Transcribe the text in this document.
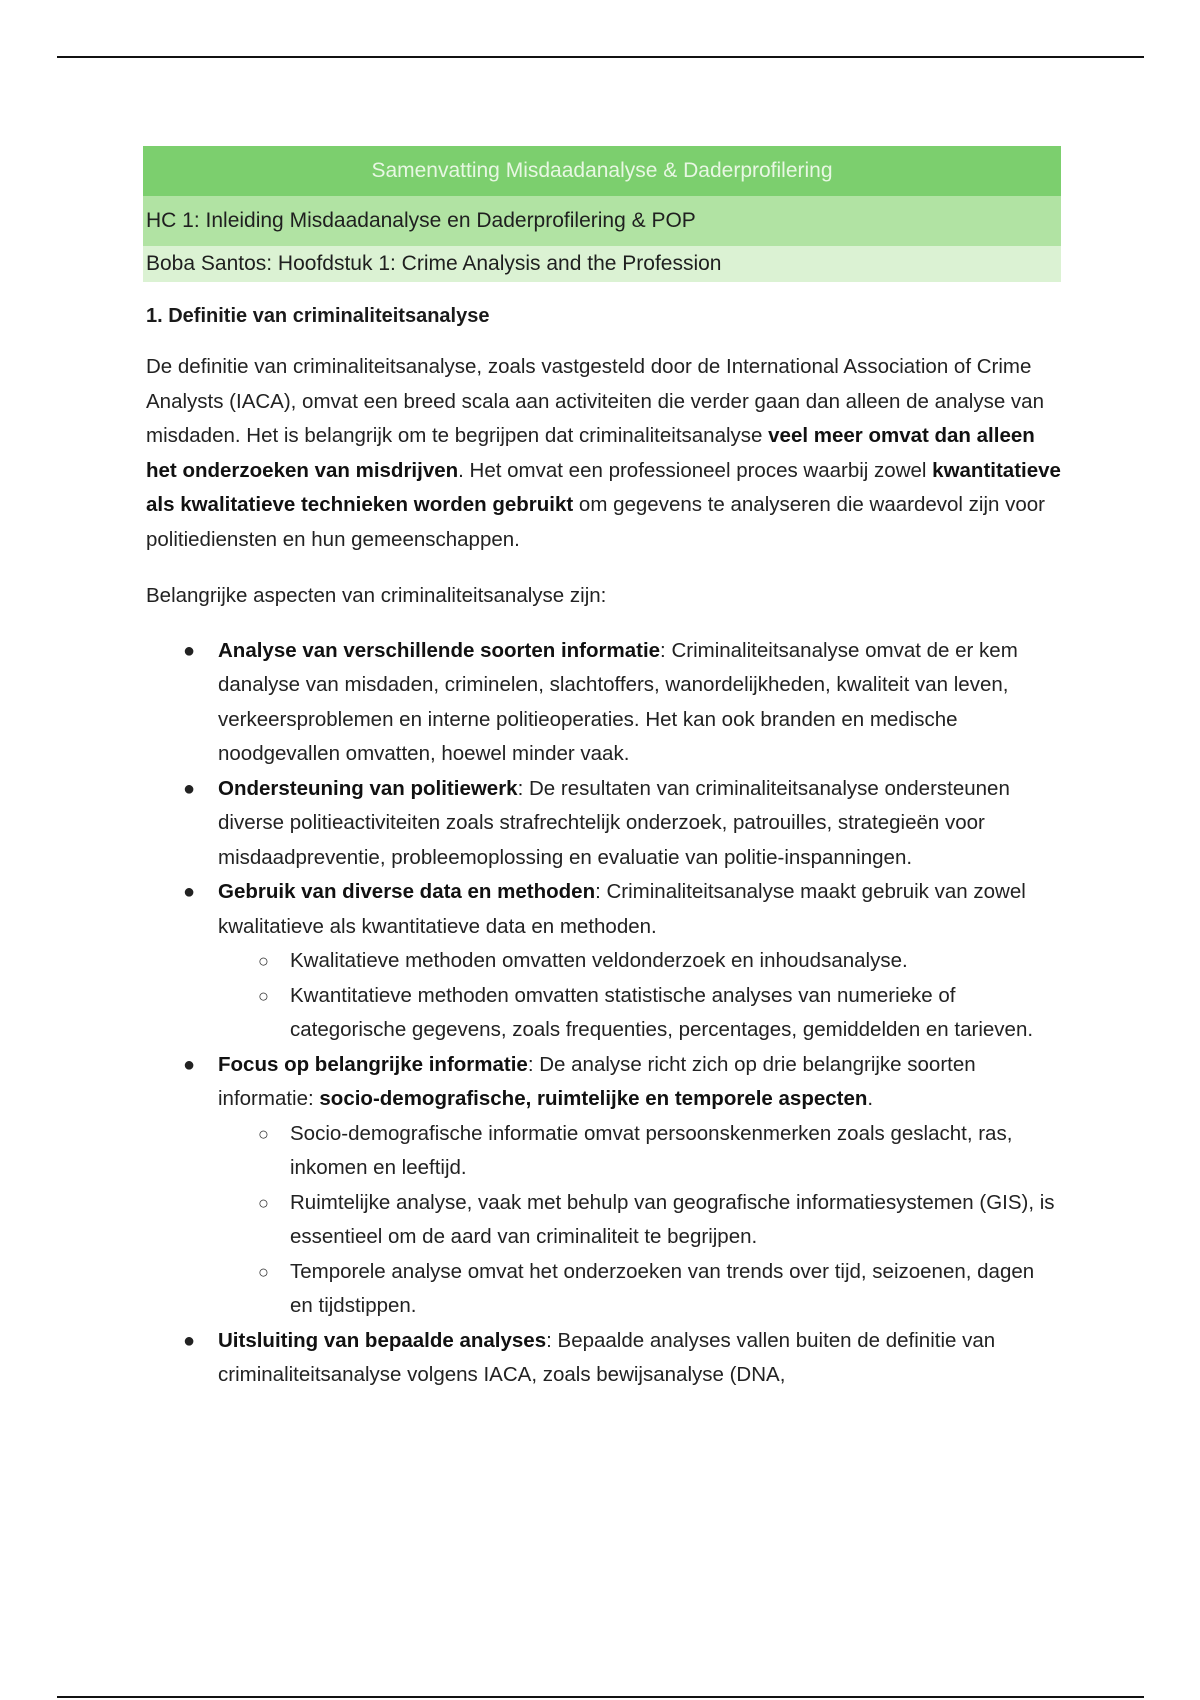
Samenvatting Misdaadanalyse & Daderprofilering
HC 1: Inleiding Misdaadanalyse en Daderprofilering & POP
Boba Santos: Hoofdstuk 1: Crime Analysis and the Profession
1. Definitie van criminaliteitsanalyse

De definitie van criminaliteitsanalyse, zoals vastgesteld door de International Association of Crime Analysts (IACA), omvat een breed scala aan activiteiten die verder gaan dan alleen de analyse van misdaden. Het is belangrijk om te begrijpen dat criminaliteitsanalyse veel meer omvat dan alleen het onderzoeken van misdrijven. Het omvat een professioneel proces waarbij zowel kwantitatieve als kwalitatieve technieken worden gebruikt om gegevens te analyseren die waardevol zijn voor politiediensten en hun gemeenschappen.

Belangrijke aspecten van criminaliteitsanalyse zijn:

● Analyse van verschillende soorten informatie: Criminaliteitsanalyse omvat de er kem danalyse van misdaden, criminelen, slachtoffers, wanordelijkheden, kwaliteit van leven, verkeersproblemen en interne politieoperaties. Het kan ook branden en medische noodgevallen omvatten, hoewel minder vaak.
● Ondersteuning van politiewerk: De resultaten van criminaliteitsanalyse ondersteunen diverse politieactiviteiten zoals strafrechtelijk onderzoek, patrouilles, strategieën voor misdaadpreventie, probleemoplossing en evaluatie van politie-inspanningen.
● Gebruik van diverse data en methoden: Criminaliteitsanalyse maakt gebruik van zowel kwalitatieve als kwantitatieve data en methoden.
○ Kwalitatieve methoden omvatten veldonderzoek en inhoudsanalyse.
○ Kwantitatieve methoden omvatten statistische analyses van numerieke of categorische gegevens, zoals frequenties, percentages, gemiddelden en tarieven.
● Focus op belangrijke informatie: De analyse richt zich op drie belangrijke soorten informatie: socio-demografische, ruimtelijke en temporele aspecten.
○ Socio-demografische informatie omvat persoonskenmerken zoals geslacht, ras, inkomen en leeftijd.
○ Ruimtelijke analyse, vaak met behulp van geografische informatiesystemen (GIS), is essentieel om de aard van criminaliteit te begrijpen.
○ Temporele analyse omvat het onderzoeken van trends over tijd, seizoenen, dagen en tijdstippen.
● Uitsluiting van bepaalde analyses: Bepaalde analyses vallen buiten de definitie van criminaliteitsanalyse volgens IACA, zoals bewijsanalyse (DNA,
